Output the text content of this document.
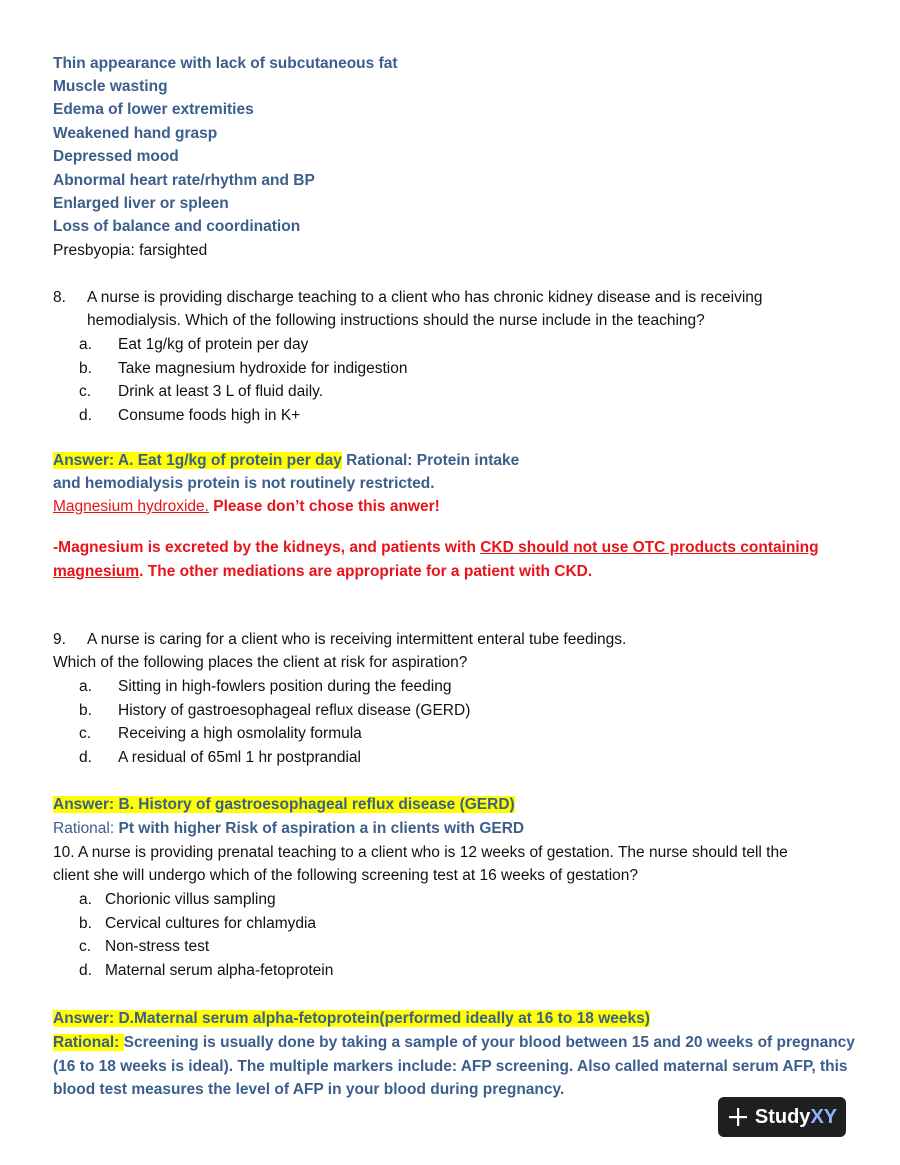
Thin appearance with lack of subcutaneous fat
Muscle wasting
Edema of lower extremities
Weakened hand grasp
Depressed mood
Abnormal heart rate/rhythm and BP
Enlarged liver or spleen
Loss of balance and coordination
Presbyopia: farsighted
8. A nurse is providing discharge teaching to a client who has chronic kidney disease and is receiving
hemodialysis. Which of the following instructions should the nurse include in the teaching?
a. Eat 1g/kg of protein per day
b. Take magnesium hydroxide for indigestion
c. Drink at least 3 L of fluid daily.
d. Consume foods high in K+
Answer: A. Eat 1g/kg of protein per day Rational: Protein intake
and hemodialysis protein is not routinely restricted.
Magnesium hydroxide. Please don’t chose this anwer!
-Magnesium is excreted by the kidneys, and patients with CKD should not use OTC products containing
magnesium. The other mediations are appropriate for a patient with CKD.
9. A nurse is caring for a client who is receiving intermittent enteral tube feedings.
Which of the following places the client at risk for aspiration?
a. Sitting in high-fowlers position during the feeding
b. History of gastroesophageal reflux disease (GERD)
c. Receiving a high osmolality formula
d. A residual of 65ml 1 hr postprandial
Answer: B. History of gastroesophageal reflux disease (GERD)
Rational: Pt with higher Risk of aspiration a in clients with GERD
10. A nurse is providing prenatal teaching to a client who is 12 weeks of gestation. The nurse should tell the
client she will undergo which of the following screening test at 16 weeks of gestation?
a. Chorionic villus sampling
b. Cervical cultures for chlamydia
c. Non-stress test
d. Maternal serum alpha-fetoprotein
Answer: D.Maternal serum alpha-fetoprotein(performed ideally at 16 to 18 weeks)
Rational: Screening is usually done by taking a sample of your blood between 15 and 20 weeks of pregnancy
(16 to 18 weeks is ideal). The multiple markers include: AFP screening. Also called maternal serum AFP, this
blood test measures the level of AFP in your blood during pregnancy.
StudyXY
